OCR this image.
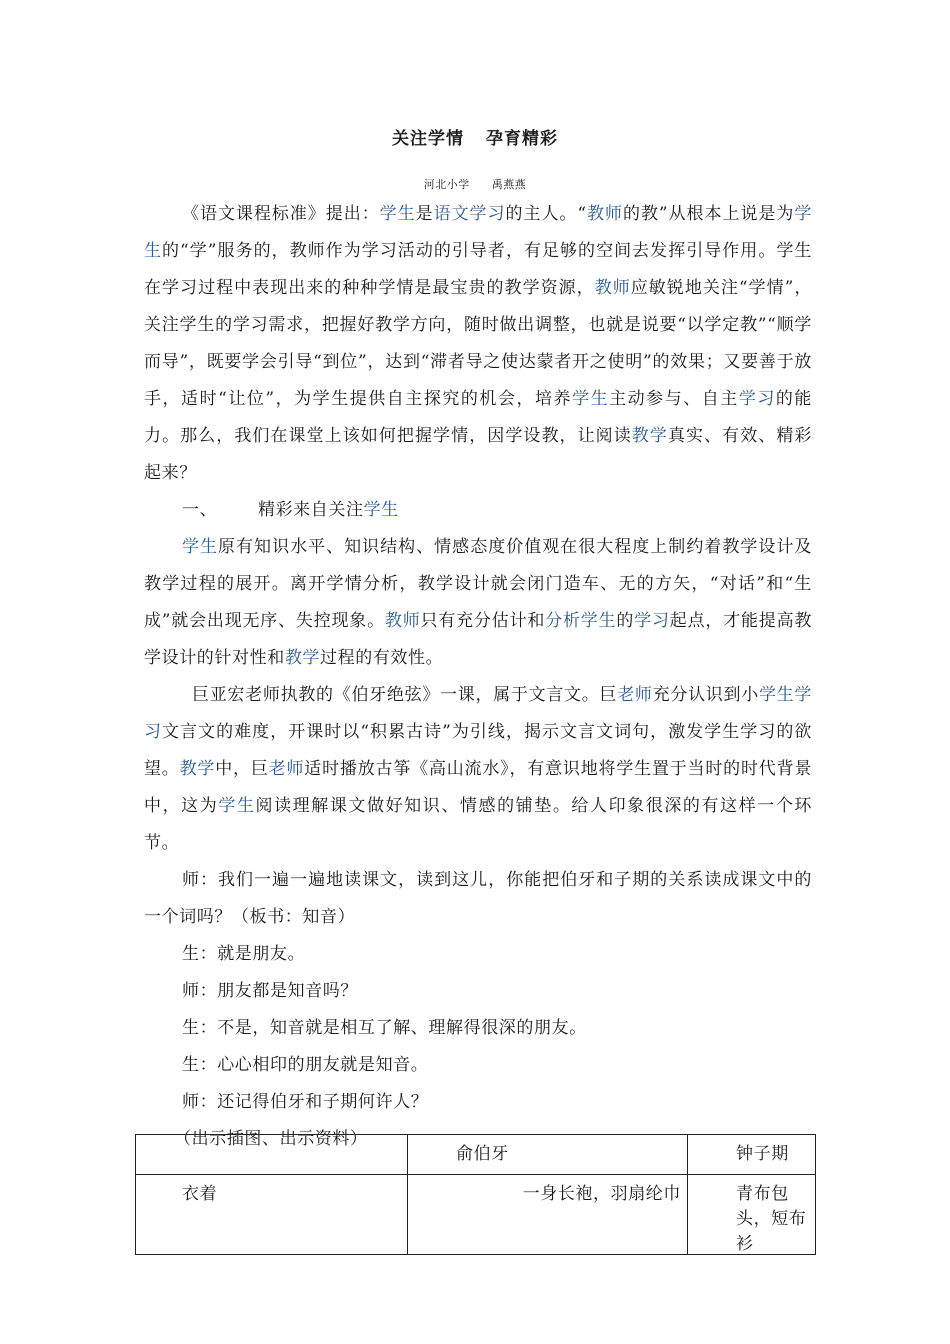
关注学情 孕育精彩
河北小学 禹燕燕

《语文课程标准》提出：学生是语文学习的主人。“教师的教”从根本上说是为学生的“学”服务的，教师作为学习活动的引导者，有足够的空间去发挥引导作用。学生在学习过程中表现出来的种种学情是最宝贵的教学资源，教师应敏锐地关注“学情”，关注学生的学习需求，把握好教学方向，随时做出调整，也就是说要“以学定教”“顺学而导”，既要学会引导“到位”，达到“滞者导之使达蒙者开之使明”的效果；又要善于放手，适时“让位”，为学生提供自主探究的机会，培养学生主动参与、自主学习的能力。那么，我们在课堂上该如何把握学情，因学设教，让阅读教学真实、有效、精彩起来？

一、 精彩来自关注学生

学生原有知识水平、知识结构、情感态度价值观在很大程度上制约着教学设计及教学过程的展开。离开学情分析，教学设计就会闭门造车、无的方矢，“对话”和“生成”就会出现无序、失控现象。教师只有充分估计和分析学生的学习起点，才能提高教学设计的针对性和教学过程的有效性。

巨亚宏老师执教的《伯牙绝弦》一课，属于文言文。巨老师充分认识到小学生学习文言文的难度，开课时以“积累古诗”为引线，揭示文言文词句，激发学生学习的欲望。教学中，巨老师适时播放古筝《高山流水》，有意识地将学生置于当时的时代背景中，这为学生阅读理解课文做好知识、情感的铺垫。给人印象很深的有这样一个环节。

师：我们一遍一遍地读课文，读到这儿，你能把伯牙和子期的关系读成课文中的一个词吗？（板书：知音）

生：就是朋友。

师：朋友都是知音吗？

生：不是，知音就是相互了解、理解得很深的朋友。

生：心心相印的朋友就是知音。

师：还记得伯牙和子期何许人？

（出示插图、出示资料）

	俞伯牙	钟子期
衣着	一身长袍，羽扇纶巾	青布包头，短布衫
